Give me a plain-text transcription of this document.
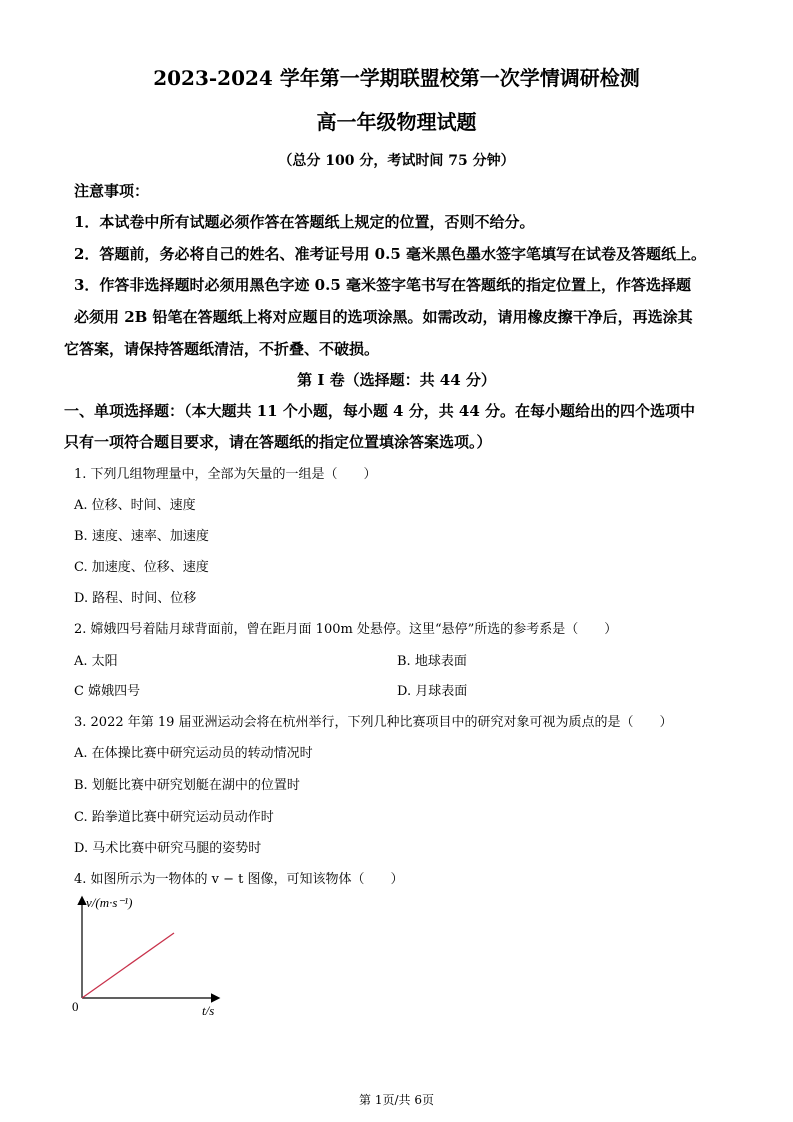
2023-2024 学年第一学期联盟校第一次学情调研检测
高一年级物理试题
（总分 100 分，考试时间 75 分钟）
注意事项：
1．本试卷中所有试题必须作答在答题纸上规定的位置，否则不给分。
2．答题前，务必将自己的姓名、准考证号用 0.5 毫米黑色墨水签字笔填写在试卷及答题纸上。
3．作答非选择题时必须用黑色字迹 0.5 毫米签字笔书写在答题纸的指定位置上，作答选择题
必须用 2B 铅笔在答题纸上将对应题目的选项涂黑。如需改动，请用橡皮擦干净后，再选涂其
它答案，请保持答题纸清洁，不折叠、不破损。
第 I 卷（选择题：共 44 分）
一、单项选择题：（本大题共 11 个小题，每小题 4 分，共 44 分。在每小题给出的四个选项中
只有一项符合题目要求，请在答题纸的指定位置填涂答案选项。）
1. 下列几组物理量中，全部为矢量的一组是（　　）
A. 位移、时间、速度
B. 速度、速率、加速度
C. 加速度、位移、速度
D. 路程、时间、位移
2. 嫦娥四号着陆月球背面前，曾在距月面 100m 处悬停。这里“悬停”所选的参考系是（　　）
A. 太阳	B. 地球表面
C 嫦娥四号	D. 月球表面
3. 2022 年第 19 届亚洲运动会将在杭州举行，下列几种比赛项目中的研究对象可视为质点的是（　　）
A. 在体操比赛中研究运动员的转动情况时
B. 划艇比赛中研究划艇在湖中的位置时
C. 跆拳道比赛中研究运动员动作时
D. 马术比赛中研究马腿的姿势时
4. 如图所示为一物体的 v − t 图像，可知该物体（　　）
v/(m·s⁻¹)
t/s
0
第 1页/共 6页
